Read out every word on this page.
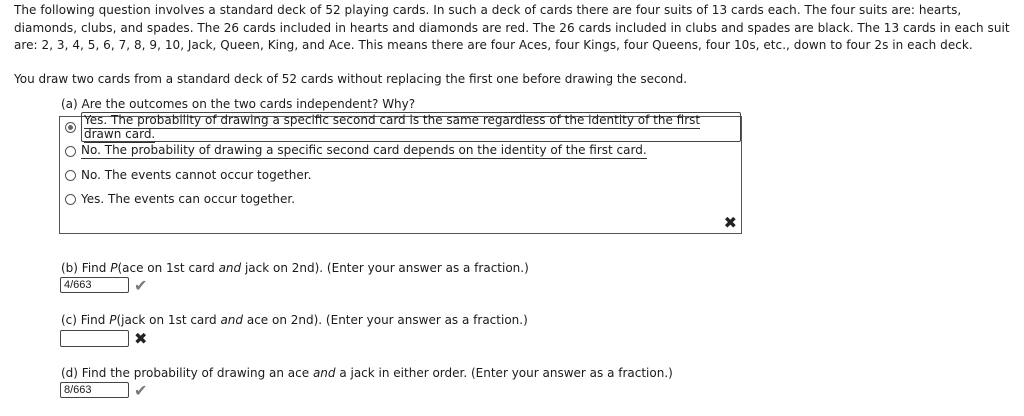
The following question involves a standard deck of 52 playing cards. In such a deck of cards there are four suits of 13 cards each. The four suits are: hearts, diamonds, clubs, and spades. The 26 cards included in hearts and diamonds are red. The 26 cards included in clubs and spades are black. The 13 cards in each suit are: 2, 3, 4, 5, 6, 7, 8, 9, 10, Jack, Queen, King, and Ace. This means there are four Aces, four Kings, four Queens, four 10s, etc., down to four 2s in each deck.

You draw two cards from a standard deck of 52 cards without replacing the first one before drawing the second.

(a) Are the outcomes on the two cards independent? Why?

Yes. The probability of drawing a specific second card is the same regardless of the identity of the first drawn card.
No. The probability of drawing a specific second card depends on the identity of the first card.
No. The events cannot occur together.
Yes. The events can occur together.
✖

(b) Find P(ace on 1st card and jack on 2nd). (Enter your answer as a fraction.)

4/663	✔

(c) Find P(jack on 1st card and ace on 2nd). (Enter your answer as a fraction.)

✖

(d) Find the probability of drawing an ace and a jack in either order. (Enter your answer as a fraction.)

8/663	✔
